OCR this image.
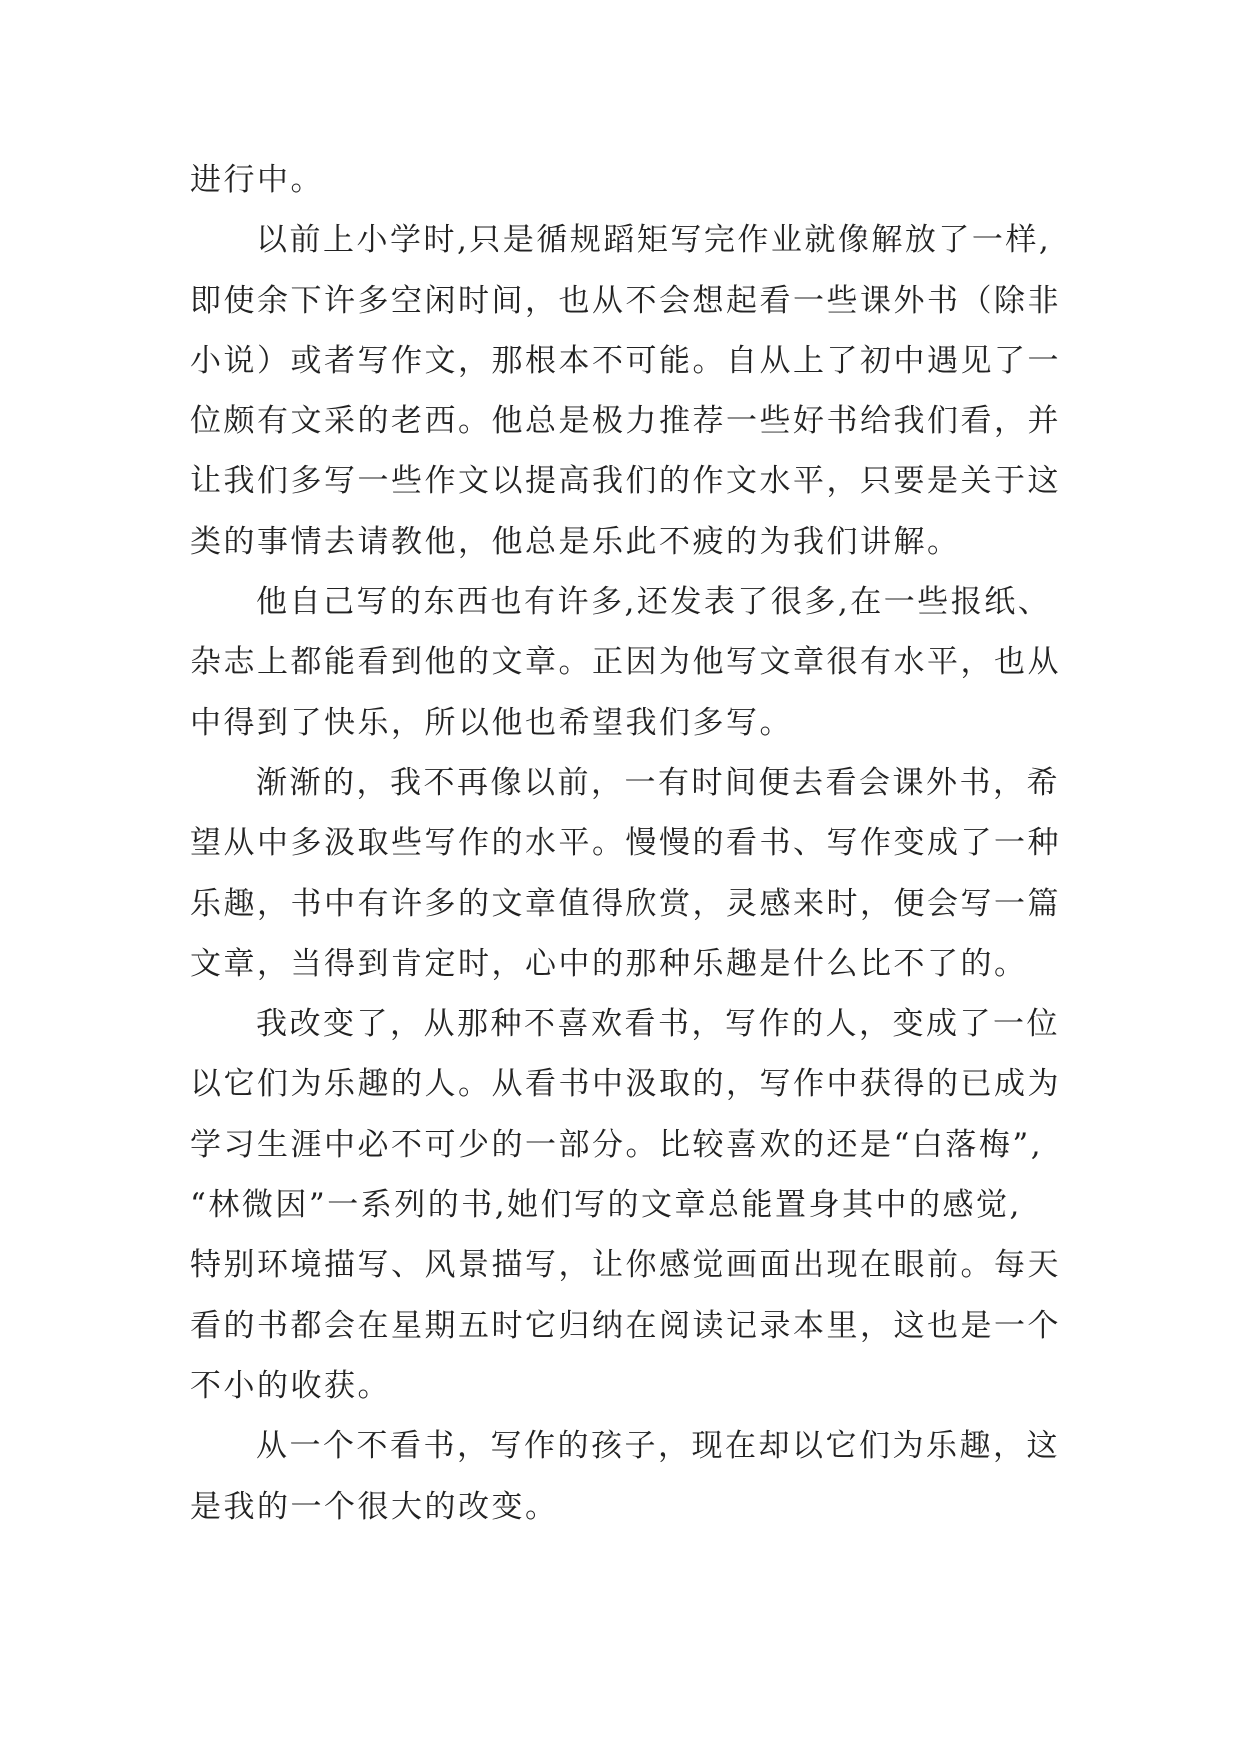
进行中。
以前上小学时,只是循规蹈矩写完作业就像解放了一样,
即使余下许多空闲时间，也从不会想起看一些课外书（除非
小说）或者写作文，那根本不可能。自从上了初中遇见了一
位颇有文采的老西。他总是极力推荐一些好书给我们看，并
让我们多写一些作文以提高我们的作文水平，只要是关于这
类的事情去请教他，他总是乐此不疲的为我们讲解。
他自己写的东西也有许多,还发表了很多,在一些报纸、
杂志上都能看到他的文章。正因为他写文章很有水平，也从
中得到了快乐，所以他也希望我们多写。
渐渐的，我不再像以前，一有时间便去看会课外书，希
望从中多汲取些写作的水平。慢慢的看书、写作变成了一种
乐趣，书中有许多的文章值得欣赏，灵感来时，便会写一篇
文章，当得到肯定时，心中的那种乐趣是什么比不了的。
我改变了，从那种不喜欢看书，写作的人，变成了一位
以它们为乐趣的人。从看书中汲取的，写作中获得的已成为
学习生涯中必不可少的一部分。比较喜欢的还是“白落梅”,
“林微因”一系列的书,她们写的文章总能置身其中的感觉,
特别环境描写、风景描写，让你感觉画面出现在眼前。每天
看的书都会在星期五时它归纳在阅读记录本里，这也是一个
不小的收获。
从一个不看书，写作的孩子，现在却以它们为乐趣，这
是我的一个很大的改变。
